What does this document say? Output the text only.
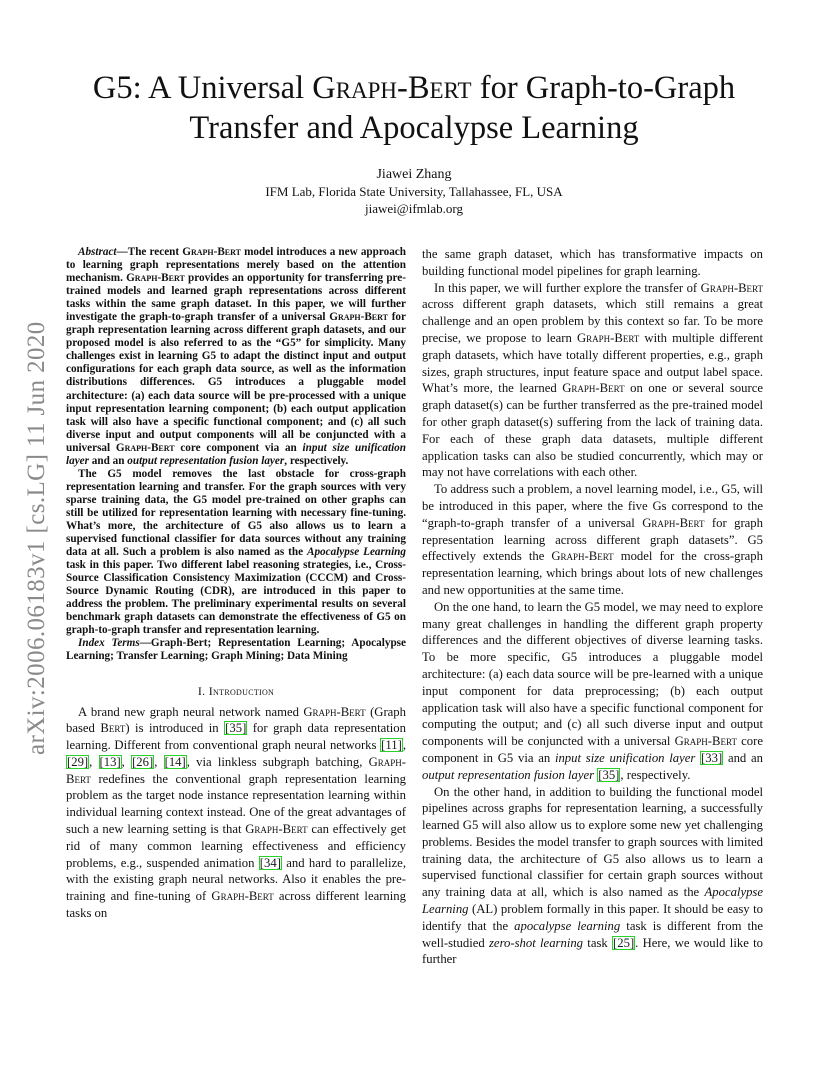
arXiv:2006.06183v1 [cs.LG] 11 Jun 2020
G5: A Universal Graph-Bert for Graph-to-Graph
Transfer and Apocalypse Learning
Jiawei Zhang
IFM Lab, Florida State University, Tallahassee, FL, USA
jiawei@ifmlab.org

Abstract—The recent Graph-Bert model introduces a new approach to learning graph representations merely based on the attention mechanism. Graph-Bert provides an opportunity for transferring pre-trained models and learned graph representations across different tasks within the same graph dataset. In this paper, we will further investigate the graph-to-graph transfer of a universal Graph-Bert for graph representation learning across different graph datasets, and our proposed model is also referred to as the “G5” for simplicity. Many challenges exist in learning G5 to adapt the distinct input and output configurations for each graph data source, as well as the information distributions differences. G5 introduces a pluggable model architecture: (a) each data source will be pre-processed with a unique input representation learning component; (b) each output application task will also have a specific functional component; and (c) all such diverse input and output components will all be conjuncted with a universal Graph-Bert core component via an input size unification layer and an output representation fusion layer, respectively.

The G5 model removes the last obstacle for cross-graph representation learning and transfer. For the graph sources with very sparse training data, the G5 model pre-trained on other graphs can still be utilized for representation learning with necessary fine-tuning. What’s more, the architecture of G5 also allows us to learn a supervised functional classifier for data sources without any training data at all. Such a problem is also named as the Apocalypse Learning task in this paper. Two different label reasoning strategies, i.e., Cross-Source Classification Consistency Maximization (CCCM) and Cross-Source Dynamic Routing (CDR), are introduced in this paper to address the problem. The preliminary experimental results on several benchmark graph datasets can demonstrate the effectiveness of G5 on graph-to-graph transfer and representation learning.

Index Terms—Graph-Bert; Representation Learning; Apocalypse Learning; Transfer Learning; Graph Mining; Data Mining

I. Introduction

A brand new graph neural network named Graph-Bert (Graph based Bert) is introduced in [35] for graph data representation learning. Different from conventional graph neural networks [11], [29], [13], [26], [14], via linkless subgraph batching, Graph-Bert redefines the conventional graph representation learning problem as the target node instance representation learning within individual learning context instead. One of the great advantages of such a new learning setting is that Graph-Bert can effectively get rid of many common learning effectiveness and efficiency problems, e.g., suspended animation [34] and hard to parallelize, with the existing graph neural networks. Also it enables the pre-training and fine-tuning of Graph-Bert across different learning tasks on

the same graph dataset, which has transformative impacts on building functional model pipelines for graph learning.

In this paper, we will further explore the transfer of Graph-Bert across different graph datasets, which still remains a great challenge and an open problem by this context so far. To be more precise, we propose to learn Graph-Bert with multiple different graph datasets, which have totally different properties, e.g., graph sizes, graph structures, input feature space and output label space. What’s more, the learned Graph-Bert on one or several source graph dataset(s) can be further transferred as the pre-trained model for other graph dataset(s) suffering from the lack of training data. For each of these graph data datasets, multiple different application tasks can also be studied concurrently, which may or may not have correlations with each other.

To address such a problem, a novel learning model, i.e., G5, will be introduced in this paper, where the five Gs correspond to the “graph-to-graph transfer of a universal Graph-Bert for graph representation learning across different graph datasets”. G5 effectively extends the Graph-Bert model for the cross-graph representation learning, which brings about lots of new challenges and new opportunities at the same time.

On the one hand, to learn the G5 model, we may need to explore many great challenges in handling the different graph property differences and the different objectives of diverse learning tasks. To be more specific, G5 introduces a pluggable model architecture: (a) each data source will be pre-learned with a unique input component for data preprocessing; (b) each output application task will also have a specific functional component for computing the output; and (c) all such diverse input and output components will be conjuncted with a universal Graph-Bert core component in G5 via an input size unification layer [33] and an output representation fusion layer [35], respectively.

On the other hand, in addition to building the functional model pipelines across graphs for representation learning, a successfully learned G5 will also allow us to explore some new yet challenging problems. Besides the model transfer to graph sources with limited training data, the architecture of G5 also allows us to learn a supervised functional classifier for certain graph sources without any training data at all, which is also named as the Apocalypse Learning (AL) problem formally in this paper. It should be easy to identify that the apocalypse learning task is different from the well-studied zero-shot learning task [25]. Here, we would like to further
